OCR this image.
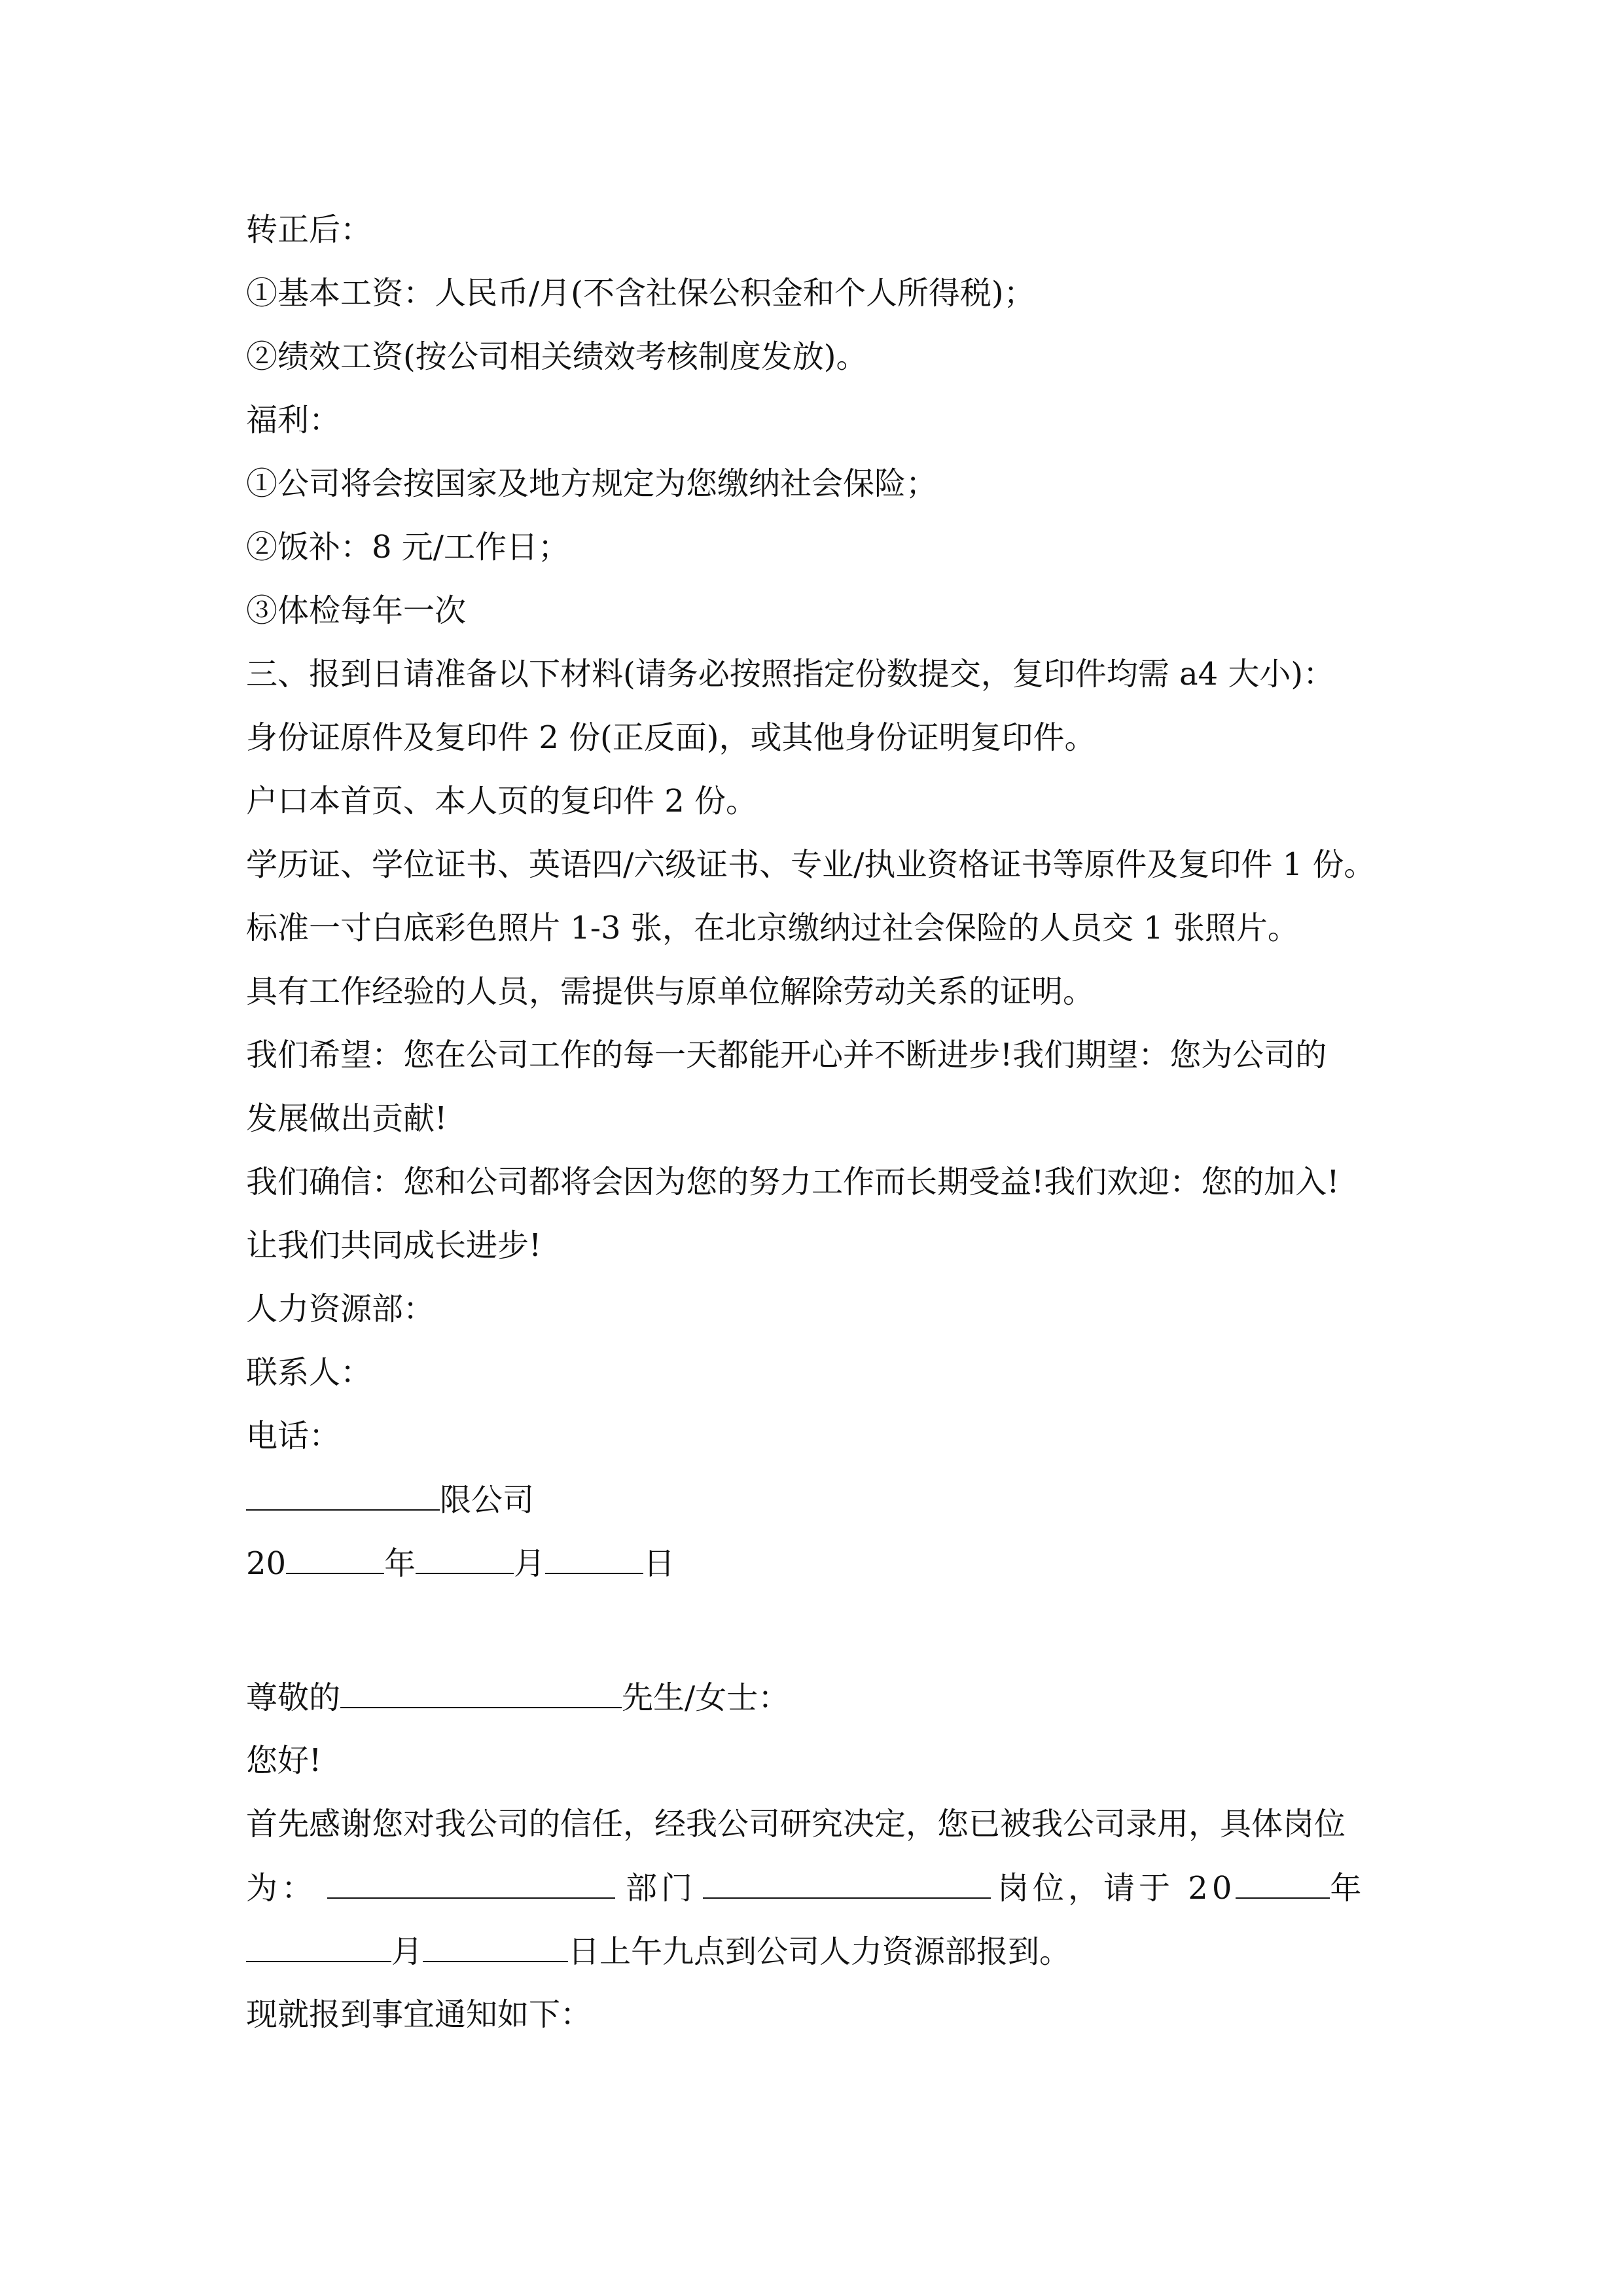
转正后：
①基本工资：人民币/月(不含社保公积金和个人所得税)；
②绩效工资(按公司相关绩效考核制度发放)。
福利：
①公司将会按国家及地方规定为您缴纳社会保险；
②饭补：8 元/工作日；
③体检每年一次
三、报到日请准备以下材料(请务必按照指定份数提交，复印件均需 a4 大小)：
身份证原件及复印件 2 份(正反面)，或其他身份证明复印件。
户口本首页、本人页的复印件 2 份。
学历证、学位证书、英语四/六级证书、专业/执业资格证书等原件及复印件 1 份。
标准一寸白底彩色照片 1-3 张，在北京缴纳过社会保险的人员交 1 张照片。
具有工作经验的人员，需提供与原单位解除劳动关系的证明。
我们希望：您在公司工作的每一天都能开心并不断进步!我们期望：您为公司的
发展做出贡献!
我们确信：您和公司都将会因为您的努力工作而长期受益!我们欢迎：您的加入!
让我们共同成长进步!
人力资源部：
联系人：
电话：
限公司
20	年	月	日
尊敬的	先生/女士：
您好!
首先感谢您对我公司的信任，经我公司研究决定，您已被我公司录用，具体岗位
为：	部门	岗位，请于 20	年
月	日上午九点到公司人力资源部报到。
现就报到事宜通知如下：
